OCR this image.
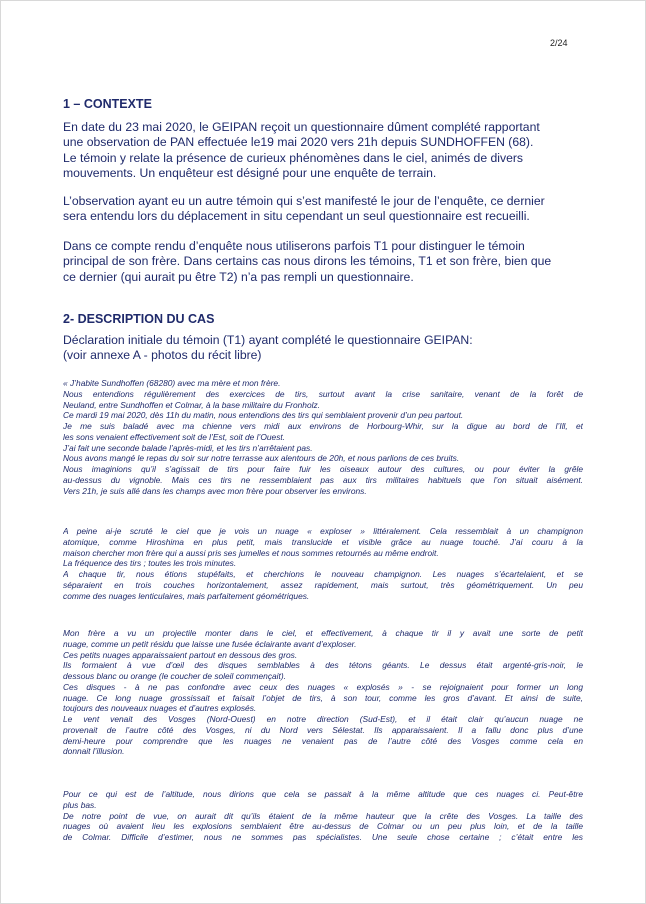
2/24
1 – CONTEXTE

En date du 23 mai 2020, le GEIPAN reçoit un questionnaire dûment complété rapportant

une observation de PAN effectuée le19 mai 2020 vers 21h depuis SUNDHOFFEN (68).

Le témoin y relate la présence de curieux phénomènes dans le ciel, animés de divers

mouvements. Un enquêteur est désigné pour une enquête de terrain.

L’observation ayant eu un autre témoin qui s’est manifesté le jour de l’enquête, ce dernier

sera entendu lors du déplacement in situ cependant un seul questionnaire est recueilli.

Dans ce compte rendu d’enquête nous utiliserons parfois T1 pour distinguer le témoin

principal de son frère. Dans certains cas nous dirons les témoins, T1 et son frère, bien que

ce dernier (qui aurait pu être T2) n’a pas rempli un questionnaire.

2- DESCRIPTION DU CAS

Déclaration initiale du témoin (T1) ayant complété le questionnaire GEIPAN:

(voir annexe A - photos du récit libre)

« J’habite Sundhoffen (68280) avec ma mère et mon frère.
Nous entendions régulièrement des exercices de tirs, surtout avant la crise sanitaire, venant de la forêt de
Neuland, entre Sundhoffen et Colmar, à la base militaire du Fronholz.
Ce mardi 19 mai 2020, dès 11h du matin, nous entendions des tirs qui semblaient provenir d’un peu partout.
Je me suis baladé avec ma chienne vers midi aux environs de Horbourg-Whir, sur la digue au bord de l’Ill, et
les sons venaient effectivement soit de l’Est, soit de l’Ouest.
J’ai fait une seconde balade l’après-midi, et les tirs n’arrêtaient pas.
Nous avons mangé le repas du soir sur notre terrasse aux alentours de 20h, et nous parlions de ces bruits.
Nous imaginions qu’il s’agissait de tirs pour faire fuir les oiseaux autour des cultures, ou pour éviter la grêle
au-dessus du vignoble. Mais ces tirs ne ressemblaient pas aux tirs militaires habituels que l’on situait aisément.
Vers 21h, je suis allé dans les champs avec mon frère pour observer les environs.
A peine ai-je scruté le ciel que je vois un nuage « exploser » littéralement. Cela ressemblait à un champignon
atomique, comme Hiroshima en plus petit, mais translucide et visible grâce au nuage touché. J’ai couru à la
maison chercher mon frère qui a aussi pris ses jumelles et nous sommes retournés au même endroit.
La fréquence des tirs ; toutes les trois minutes.
A chaque tir, nous étions stupéfaits, et cherchions le nouveau champignon. Les nuages s’écartelaient, et se
séparaient en trois couches horizontalement, assez rapidement, mais surtout, très géométriquement. Un peu
comme des nuages lenticulaires, mais parfaitement géométriques.
Mon frère a vu un projectile monter dans le ciel, et effectivement, à chaque tir il y avait une sorte de petit
nuage, comme un petit résidu que laisse une fusée éclairante avant d’exploser.
Ces petits nuages apparaissaient partout en dessous des gros.
Ils formaient à vue d’œil des disques semblables à des tétons géants. Le dessus était argenté-gris-noir, le
dessous blanc ou orange (le coucher de soleil commençait).
Ces disques - à ne pas confondre avec ceux des nuages « explosés » - se rejoignaient pour former un long
nuage. Ce long nuage grossissait et faisait l’objet de tirs, à son tour, comme les gros d’avant. Et ainsi de suite,
toujours des nouveaux nuages et d’autres explosés.
Le vent venait des Vosges (Nord-Ouest) en notre direction (Sud-Est), et il était clair qu’aucun nuage ne
provenait de l’autre côté des Vosges, ni du Nord vers Sélestat. Ils apparaissaient. Il a fallu donc plus d’une
demi-heure pour comprendre que les nuages ne venaient pas de l’autre côté des Vosges comme cela en
donnait l’illusion.
Pour ce qui est de l’altitude, nous dirions que cela se passait à la même altitude que ces nuages ci. Peut-être
plus bas.
De notre point de vue, on aurait dit qu’ils étaient de la même hauteur que la crête des Vosges. La taille des
nuages où avaient lieu les explosions semblaient être au-dessus de Colmar ou un peu plus loin, et de la taille
de Colmar. Difficile d’estimer, nous ne sommes pas spécialistes. Une seule chose certaine ; c’était entre les
